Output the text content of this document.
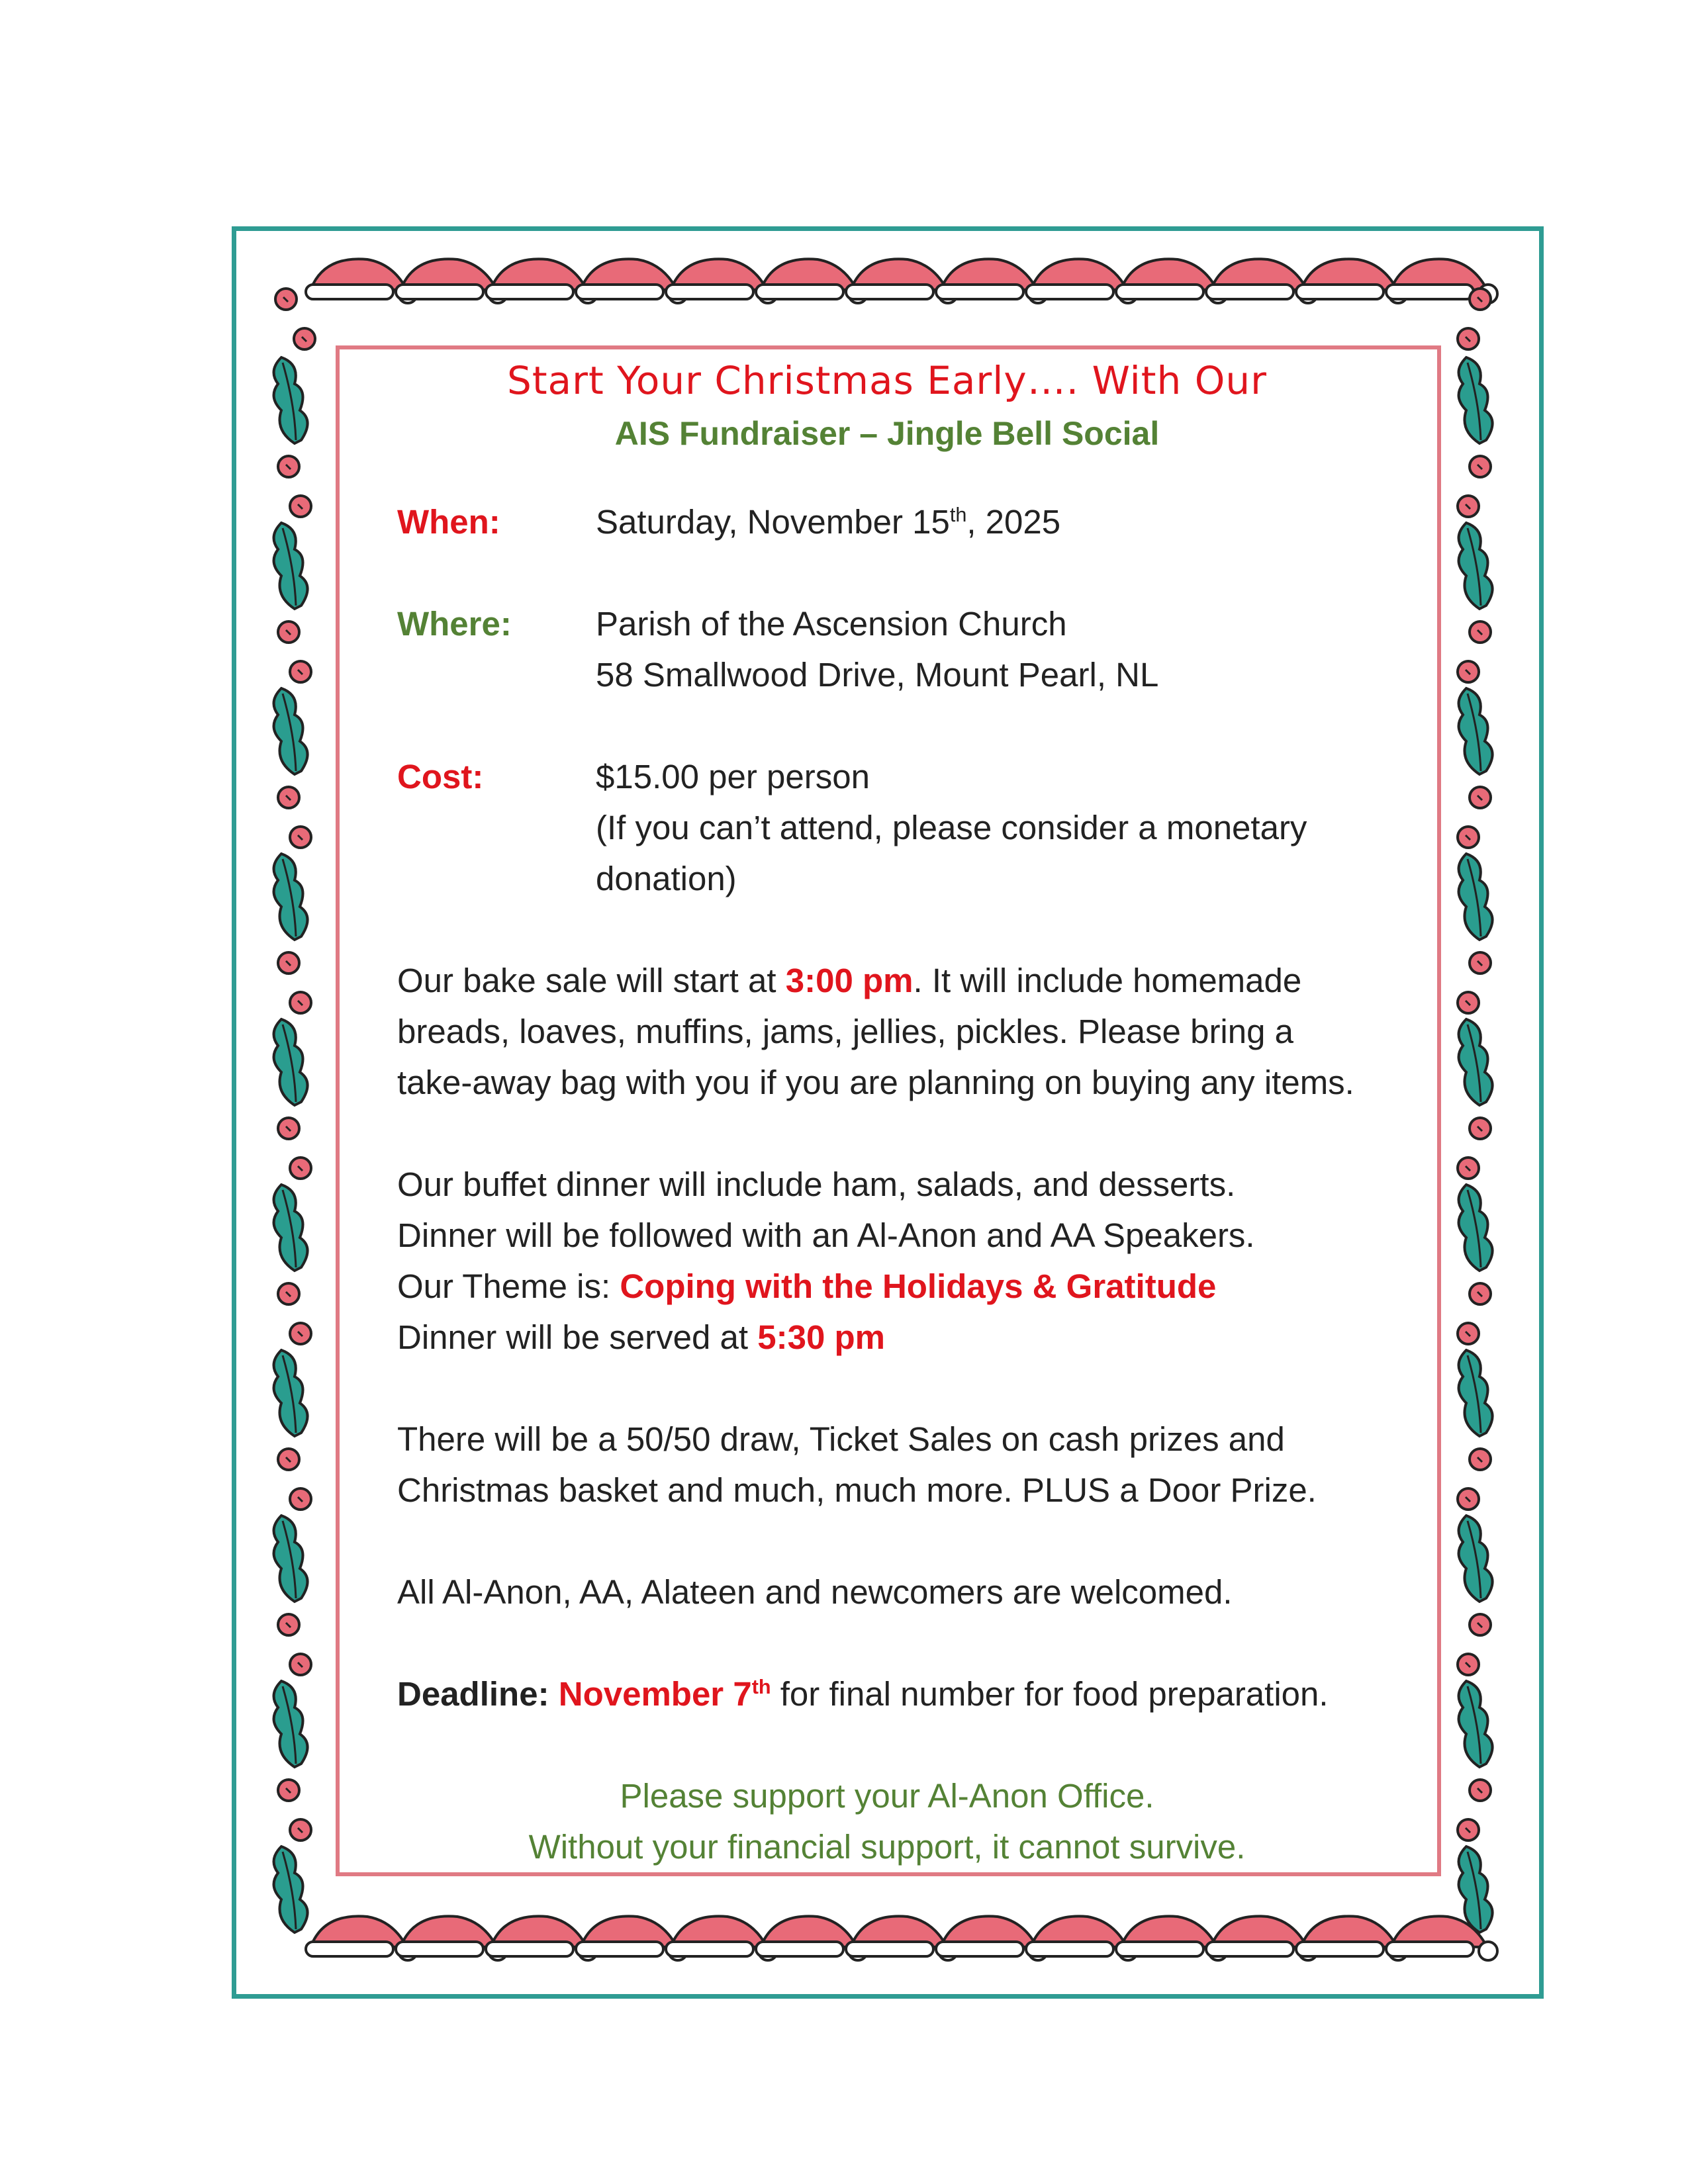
Start Your Christmas Early…. With Our

AIS Fundraiser – Jingle Bell Social

When:	Saturday, November 15th, 2025
Where:	Parish of the Ascension Church
58 Smallwood Drive, Mount Pearl, NL
Cost:	$15.00 per person
(If you can’t attend, please consider a monetary
donation)

Our bake sale will start at 3:00 pm. It will include homemade
breads, loaves, muffins, jams, jellies, pickles. Please bring a
take-away bag with you if you are planning on buying any items.

Our buffet dinner will include ham, salads, and desserts.
Dinner will be followed with an Al-Anon and AA Speakers.
Our Theme is: Coping with the Holidays & Gratitude
Dinner will be served at 5:30 pm

There will be a 50/50 draw, Ticket Sales on cash prizes and
Christmas basket and much, much more. PLUS a Door Prize.

All Al-Anon, AA, Alateen and newcomers are welcomed.

Deadline: November 7th for final number for food preparation.

Please support your Al-Anon Office.

Without your financial support, it cannot survive.
